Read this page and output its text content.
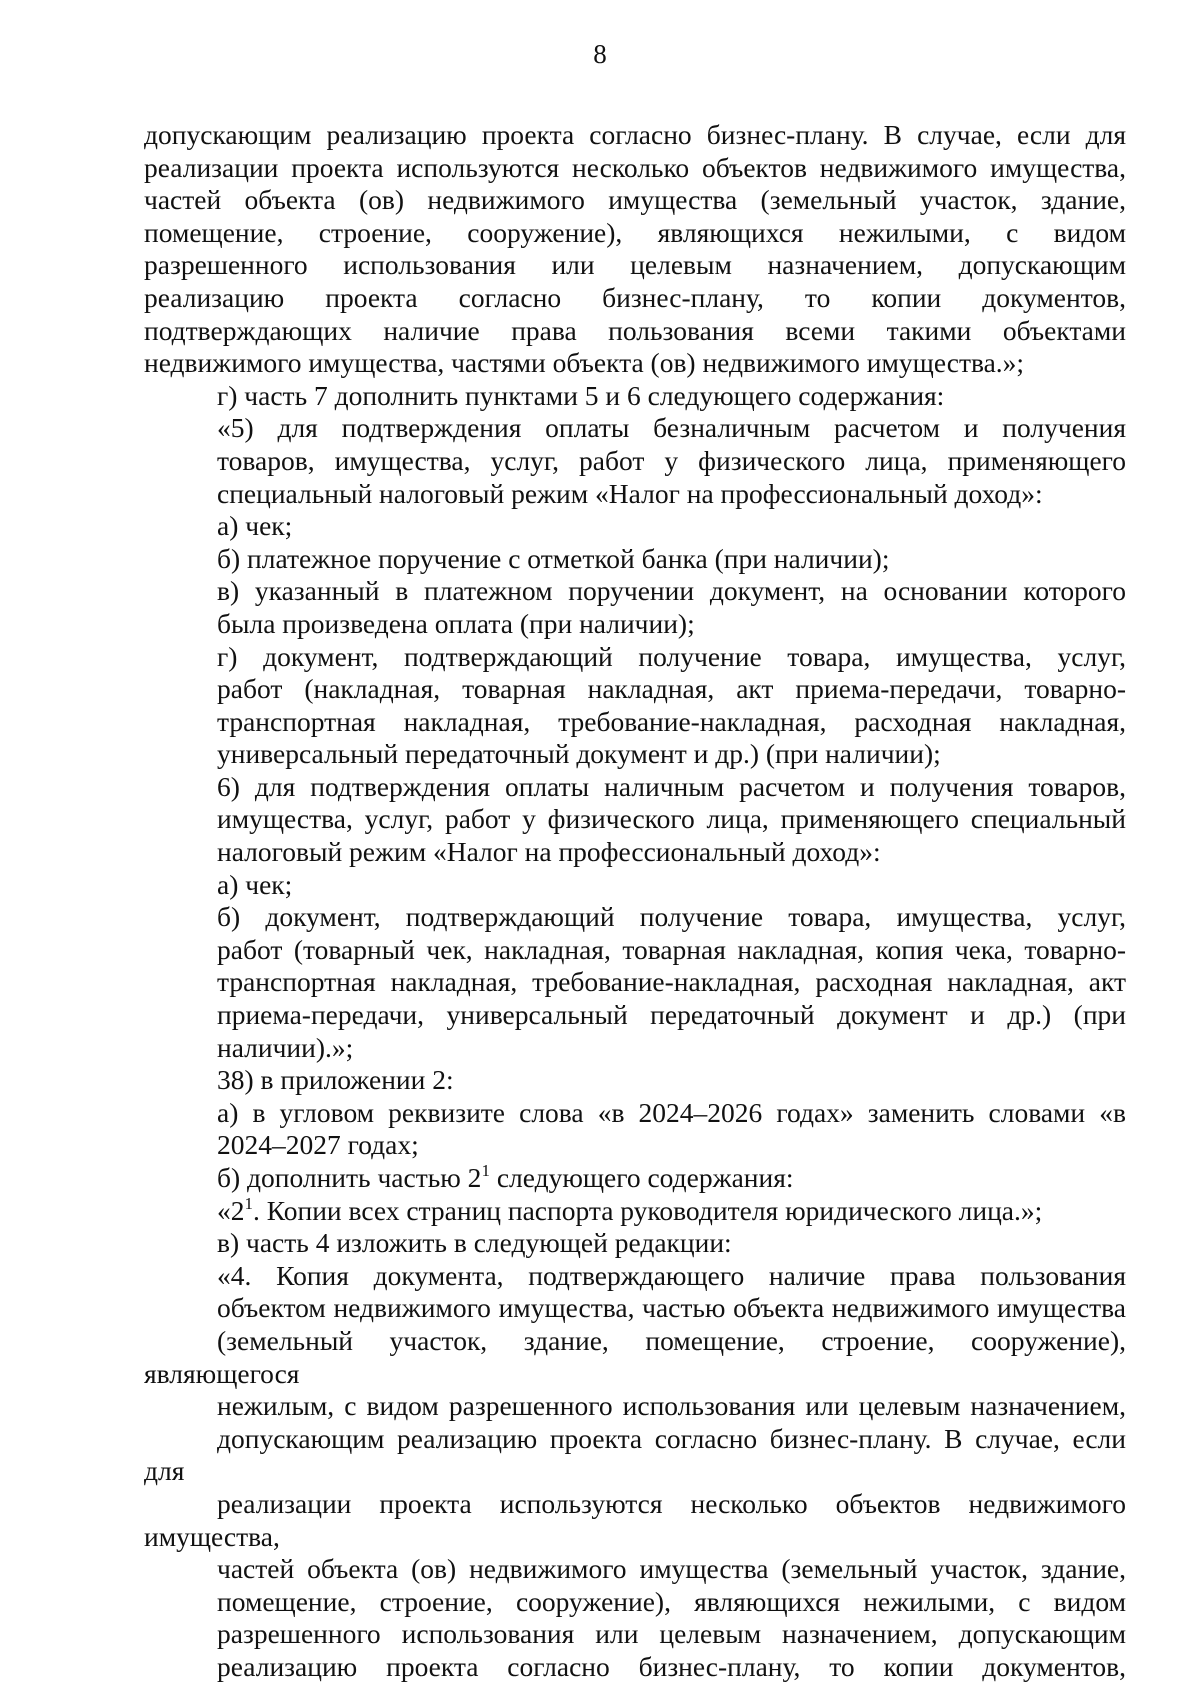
8
допускающим реализацию проекта согласно бизнес-плану. В случае, если для
реализации проекта используются несколько объектов недвижимого имущества,
частей объекта (ов) недвижимого имущества (земельный участок, здание,
помещение, строение, сооружение), являющихся нежилыми, с видом
разрешенного использования или целевым назначением, допускающим
реализацию проекта согласно бизнес-плану, то копии документов,
подтверждающих наличие права пользования всеми такими объектами
недвижимого имущества, частями объекта (ов) недвижимого имущества.»;
г) часть 7 дополнить пунктами 5 и 6 следующего содержания:
«5) для подтверждения оплаты безналичным расчетом и получения
товаров, имущества, услуг, работ у физического лица, применяющего
специальный налоговый режим «Налог на профессиональный доход»:
а) чек;
б) платежное поручение с отметкой банка (при наличии);
в) указанный в платежном поручении документ, на основании которого
была произведена оплата (при наличии);
г) документ, подтверждающий получение товара, имущества, услуг,
работ (накладная, товарная накладная, акт приема-передачи, товарно-
транспортная накладная, требование-накладная, расходная накладная,
универсальный передаточный документ и др.) (при наличии);
6) для подтверждения оплаты наличным расчетом и получения товаров,
имущества, услуг, работ у физического лица, применяющего специальный
налоговый режим «Налог на профессиональный доход»:
а) чек;
б) документ, подтверждающий получение товара, имущества, услуг,
работ (товарный чек, накладная, товарная накладная, копия чека, товарно-
транспортная накладная, требование-накладная, расходная накладная, акт
приема-передачи, универсальный передаточный документ и др.) (при
наличии).»;
38) в приложении 2:
а) в угловом реквизите слова «в 2024–2026 годах» заменить словами «в
2024–2027 годах;
б) дополнить частью $2^1$ следующего содержания:
«$2^1$. Копии всех страниц паспорта руководителя юридического лица.»;
в) часть 4 изложить в следующей редакции:
«4. Копия документа, подтверждающего наличие права пользования
объектом недвижимого имущества, частью объекта недвижимого имущества
(земельный участок, здание, помещение, строение, сооружение), являющегося
нежилым, с видом разрешенного использования или целевым назначением,
допускающим реализацию проекта согласно бизнес-плану. В случае, если для
реализации проекта используются несколько объектов недвижимого имущества,
частей объекта (ов) недвижимого имущества (земельный участок, здание,
помещение, строение, сооружение), являющихся нежилыми, с видом
разрешенного использования или целевым назначением, допускающим
реализацию проекта согласно бизнес-плану, то копии документов,
